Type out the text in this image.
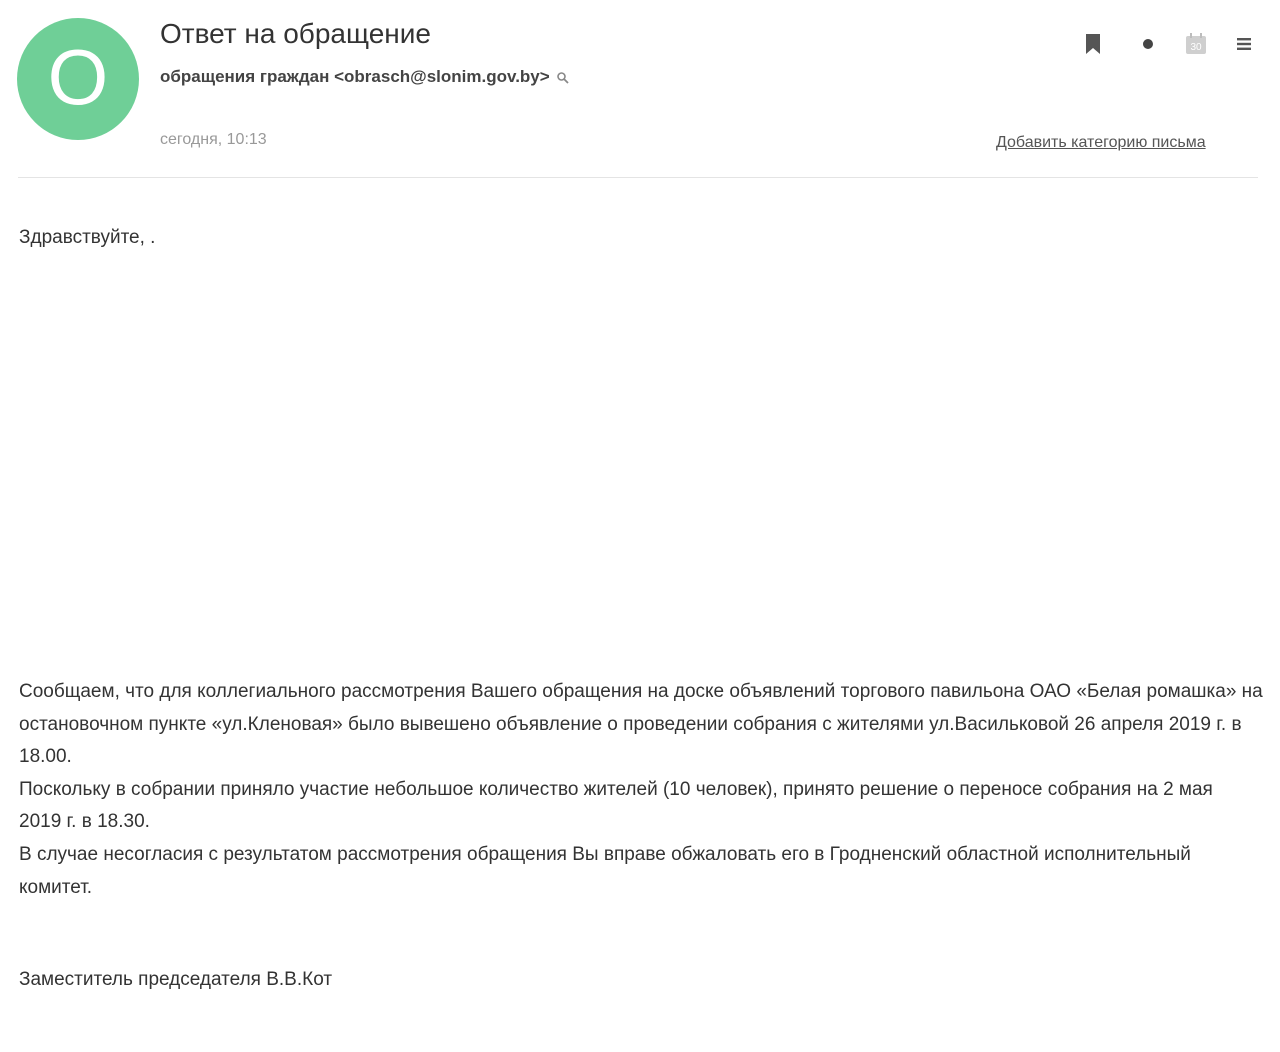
O Ответ на обращение
обращения граждан <obrasch@slonim.gov.by>
сегодня, 10:13	Добавить категорию письма
30
Здравствуйте, .

Сообщаем, что для коллегиального рассмотрения Вашего обращения на доске объявлений торгового павильона ОАО «Белая ромашка» на остановочном пункте «ул.Кленовая» было вывешено объявление о проведении собрания с жителями ул.Васильковой 26 апреля 2019 г. в 18.00.

Поскольку в собрании приняло участие небольшое количество жителей (10 человек), принято решение о переносе собрания на 2 мая

2019 г. в 18.30.

В случае несогласия с результатом рассмотрения обращения Вы вправе обжаловать его в Гродненский областной исполнительный комитет.

Заместитель председателя В.В.Кот
